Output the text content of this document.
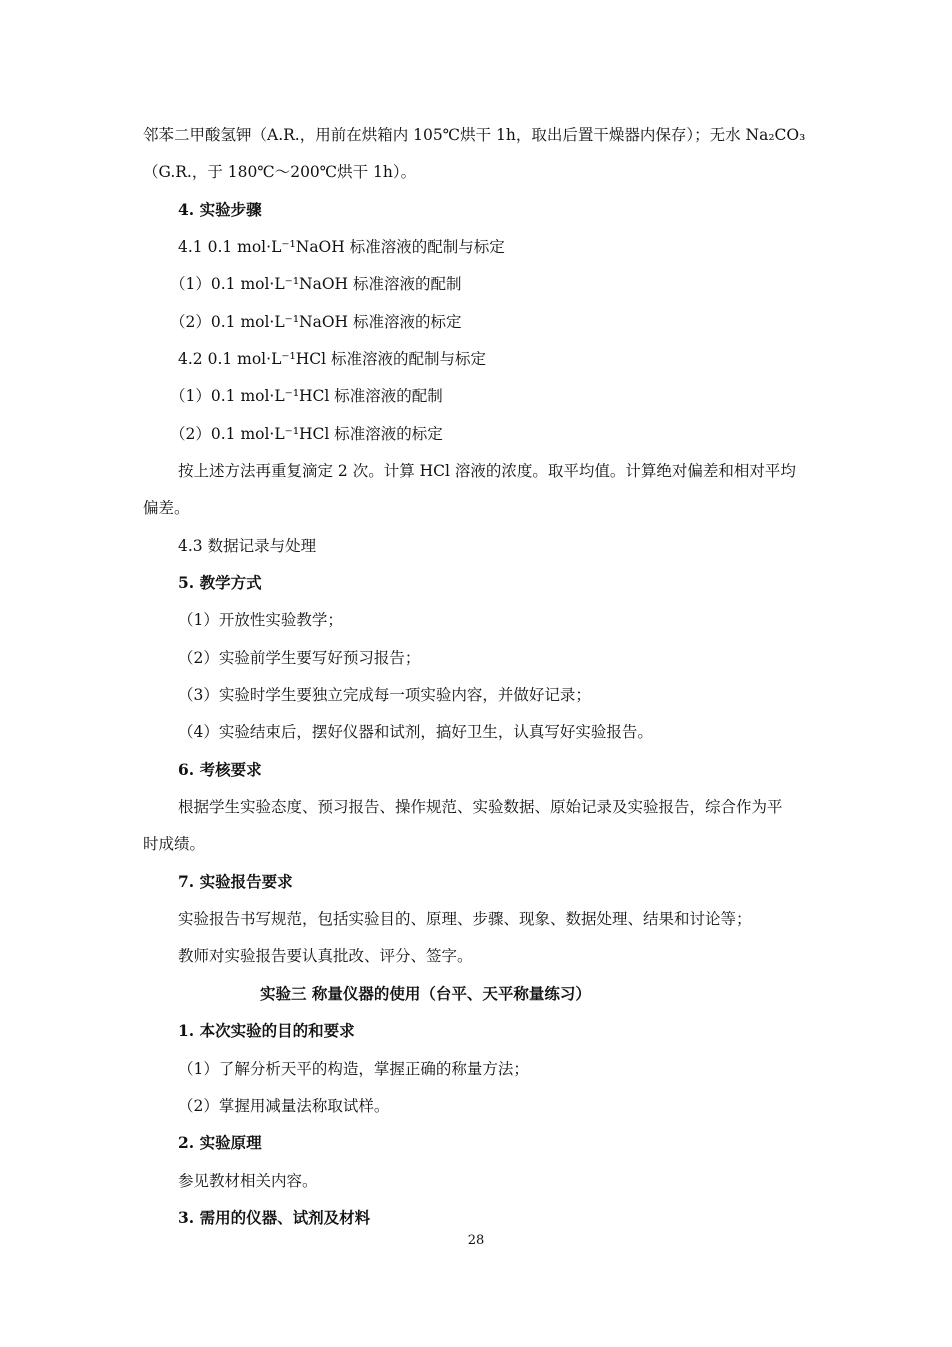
邻苯二甲酸氢钾（A.R.，用前在烘箱内 105℃烘干 1h，取出后置干燥器内保存）；无水 Na₂CO₃
（G.R.，于 180℃～200℃烘干 1h）。
4. 实验步骤
4.1 0.1 mol·L⁻¹NaOH 标准溶液的配制与标定
（1）0.1 mol·L⁻¹NaOH 标准溶液的配制
（2）0.1 mol·L⁻¹NaOH 标准溶液的标定
4.2 0.1 mol·L⁻¹HCl 标准溶液的配制与标定
（1）0.1 mol·L⁻¹HCl 标准溶液的配制
（2）0.1 mol·L⁻¹HCl 标准溶液的标定
按上述方法再重复滴定 2 次。计算 HCl 溶液的浓度。取平均值。计算绝对偏差和相对平均
偏差。
4.3 数据记录与处理
5. 教学方式
（1）开放性实验教学；
（2）实验前学生要写好预习报告；
（3）实验时学生要独立完成每一项实验内容，并做好记录；
（4）实验结束后，摆好仪器和试剂，搞好卫生，认真写好实验报告。
6. 考核要求
根据学生实验态度、预习报告、操作规范、实验数据、原始记录及实验报告，综合作为平
时成绩。
7. 实验报告要求
实验报告书写规范，包括实验目的、原理、步骤、现象、数据处理、结果和讨论等；
教师对实验报告要认真批改、评分、签字。
实验三 称量仪器的使用（台平、天平称量练习）
1. 本次实验的目的和要求
（1）了解分析天平的构造，掌握正确的称量方法；
（2）掌握用减量法称取试样。
2. 实验原理
参见教材相关内容。
3. 需用的仪器、试剂及材料
28
